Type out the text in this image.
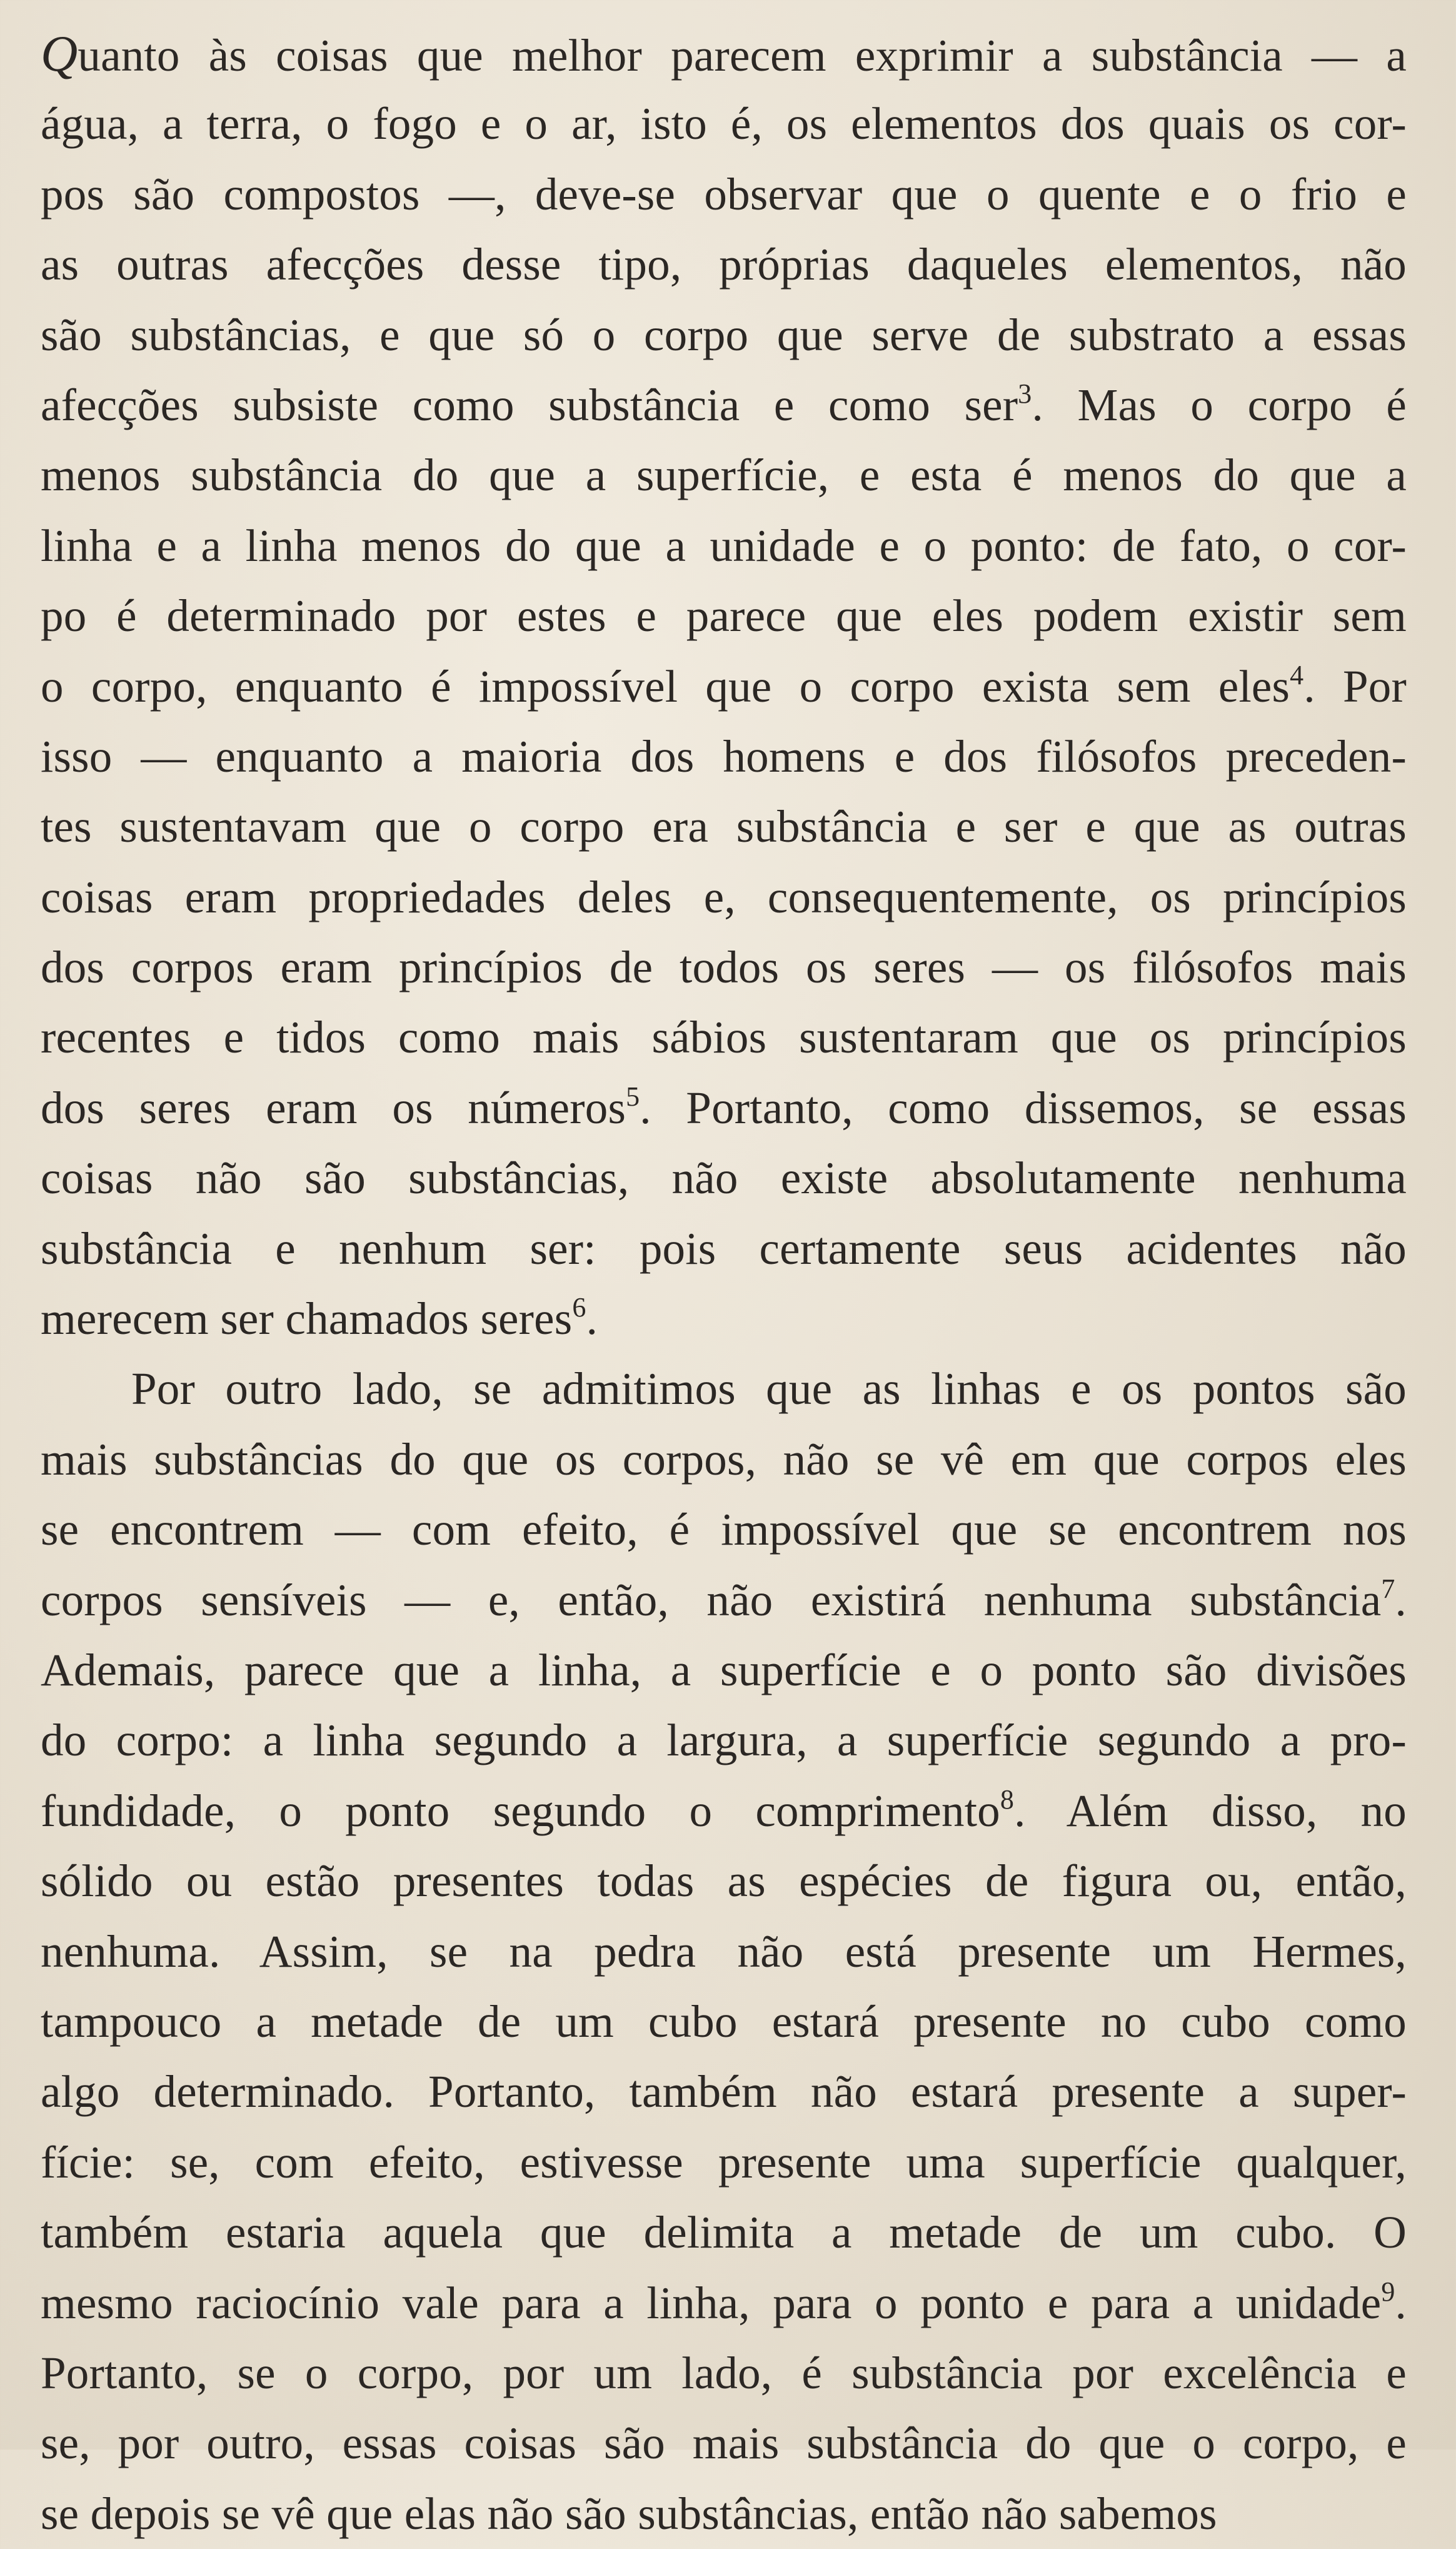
Quanto às coisas que melhor parecem exprimir a substância — a
água, a terra, o fogo e o ar, isto é, os elementos dos quais os cor-
pos são compostos —, deve-se observar que o quente e o frio e
as outras afecções desse tipo, próprias daqueles elementos, não
são substâncias, e que só o corpo que serve de substrato a essas
afecções subsiste como substância e como ser$^3$. Mas o corpo é
menos substância do que a superfície, e esta é menos do que a
linha e a linha menos do que a unidade e o ponto: de fato, o cor-
po é determinado por estes e parece que eles podem existir sem
o corpo, enquanto é impossível que o corpo exista sem eles$^4$. Por
isso — enquanto a maioria dos homens e dos filósofos preceden-
tes sustentavam que o corpo era substância e ser e que as outras
coisas eram propriedades deles e, consequentemente, os princípios
dos corpos eram princípios de todos os seres — os filósofos mais
recentes e tidos como mais sábios sustentaram que os princípios
dos seres eram os números$^5$. Portanto, como dissemos, se essas
coisas não são substâncias, não existe absolutamente nenhuma
substância e nenhum ser: pois certamente seus acidentes não
merecem ser chamados seres$^6$.
Por outro lado, se admitimos que as linhas e os pontos são
mais substâncias do que os corpos, não se vê em que corpos eles
se encontrem — com efeito, é impossível que se encontrem nos
corpos sensíveis — e, então, não existirá nenhuma substância$^7$.
Ademais, parece que a linha, a superfície e o ponto são divisões
do corpo: a linha segundo a largura, a superfície segundo a pro-
fundidade, o ponto segundo o comprimento$^8$. Além disso, no
sólido ou estão presentes todas as espécies de figura ou, então,
nenhuma. Assim, se na pedra não está presente um Hermes,
tampouco a metade de um cubo estará presente no cubo como
algo determinado. Portanto, também não estará presente a super-
fície: se, com efeito, estivesse presente uma superfície qualquer,
também estaria aquela que delimita a metade de um cubo. O
mesmo raciocínio vale para a linha, para o ponto e para a unidade$^9$.
Portanto, se o corpo, por um lado, é substância por excelência e
se, por outro, essas coisas são mais substância do que o corpo, e
se depois se vê que elas não são substâncias, então não sabemos
